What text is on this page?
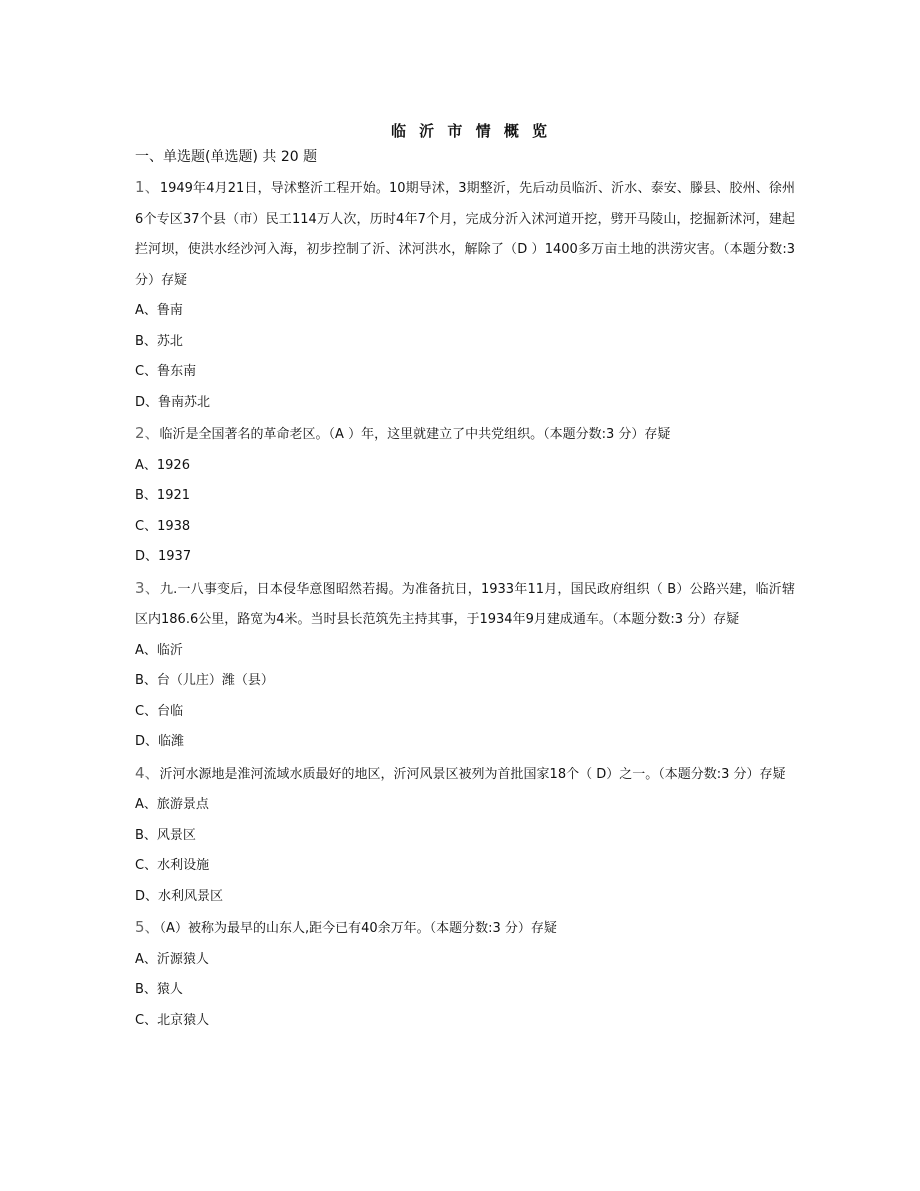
临 沂 市 情 概 览
一、单选题(单选题) 共 20 题
1、1949年4月21日，导沭整沂工程开始。10期导沭，3期整沂，先后动员临沂、沂水、泰安、滕县、胶州、徐州6个专区37个县（市）民工114万人次，历时4年7个月，完成分沂入沭河道开挖，劈开马陵山，挖掘新沭河，建起拦河坝，使洪水经沙河入海，初步控制了沂、沭河洪水，解除了（D ）1400多万亩土地的洪涝灾害。（本题分数:3 分）存疑
A、鲁南
B、苏北
C、鲁东南
D、鲁南苏北
2、临沂是全国著名的革命老区。（A ）年，这里就建立了中共党组织。（本题分数:3 分）存疑
A、1926
B、1921
C、1938
D、1937
3、九.一八事变后，日本侵华意图昭然若揭。为准备抗日，1933年11月，国民政府组织（ B）公路兴建，临沂辖区内186.6公里，路宽为4米。当时县长范筑先主持其事，于1934年9月建成通车。（本题分数:3 分）存疑
A、临沂
B、台（儿庄）潍（县）
C、台临
D、临潍
4、沂河水源地是淮河流域水质最好的地区，沂河风景区被列为首批国家18个（ D）之一。（本题分数:3 分）存疑
A、旅游景点
B、风景区
C、水利设施
D、水利风景区
5、（A）被称为最早的山东人,距今已有40余万年。（本题分数:3 分）存疑
A、沂源猿人
B、猿人
C、北京猿人
